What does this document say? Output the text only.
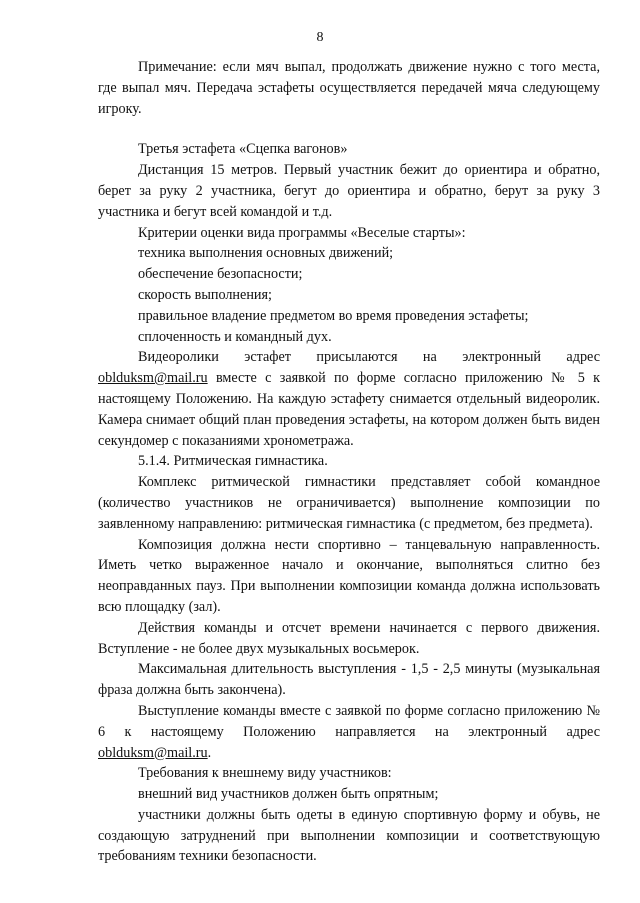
8

Примечание: если мяч выпал, продолжать движение нужно с того места, где выпал мяч. Передача эстафеты осуществляется передачей мяча следующему игроку.

Третья эстафета «Сцепка вагонов»

Дистанция 15 метров. Первый участник бежит до ориентира и обратно, берет за руку 2 участника, бегут до ориентира и обратно, берут за руку 3 участника и бегут всей командой и т.д.

Критерии оценки вида программы «Веселые старты»:

техника выполнения основных движений;

обеспечение безопасности;

скорость выполнения;

правильное владение предметом во время проведения эстафеты;

сплоченность и командный дух.

Видеоролики эстафет присылаются на электронный адрес oblduksm@mail.ru вместе с заявкой по форме согласно приложению № 5 к настоящему Положению. На каждую эстафету снимается отдельный видеоролик. Камера снимает общий план проведения эстафеты, на котором должен быть виден секундомер с показаниями хронометража.

5.1.4. Ритмическая гимнастика.

Комплекс ритмической гимнастики представляет собой командное (количество участников не ограничивается) выполнение композиции по заявленному направлению: ритмическая гимнастика (с предметом, без предмета).

Композиция должна нести спортивно – танцевальную направленность. Иметь четко выраженное начало и окончание, выполняться слитно без неоправданных пауз. При выполнении композиции команда должна использовать всю площадку (зал).

Действия команды и отсчет времени начинается с первого движения. Вступление - не более двух музыкальных восьмерок.

Максимальная длительность выступления - 1,5 - 2,5 минуты (музыкальная фраза должна быть закончена).

Выступление команды вместе с заявкой по форме согласно приложению № 6 к настоящему Положению направляется на электронный адрес oblduksm@mail.ru.

Требования к внешнему виду участников:

внешний вид участников должен быть опрятным;

участники должны быть одеты в единую спортивную форму и обувь, не создающую затруднений при выполнении композиции и соответствующую требованиям техники безопасности.
